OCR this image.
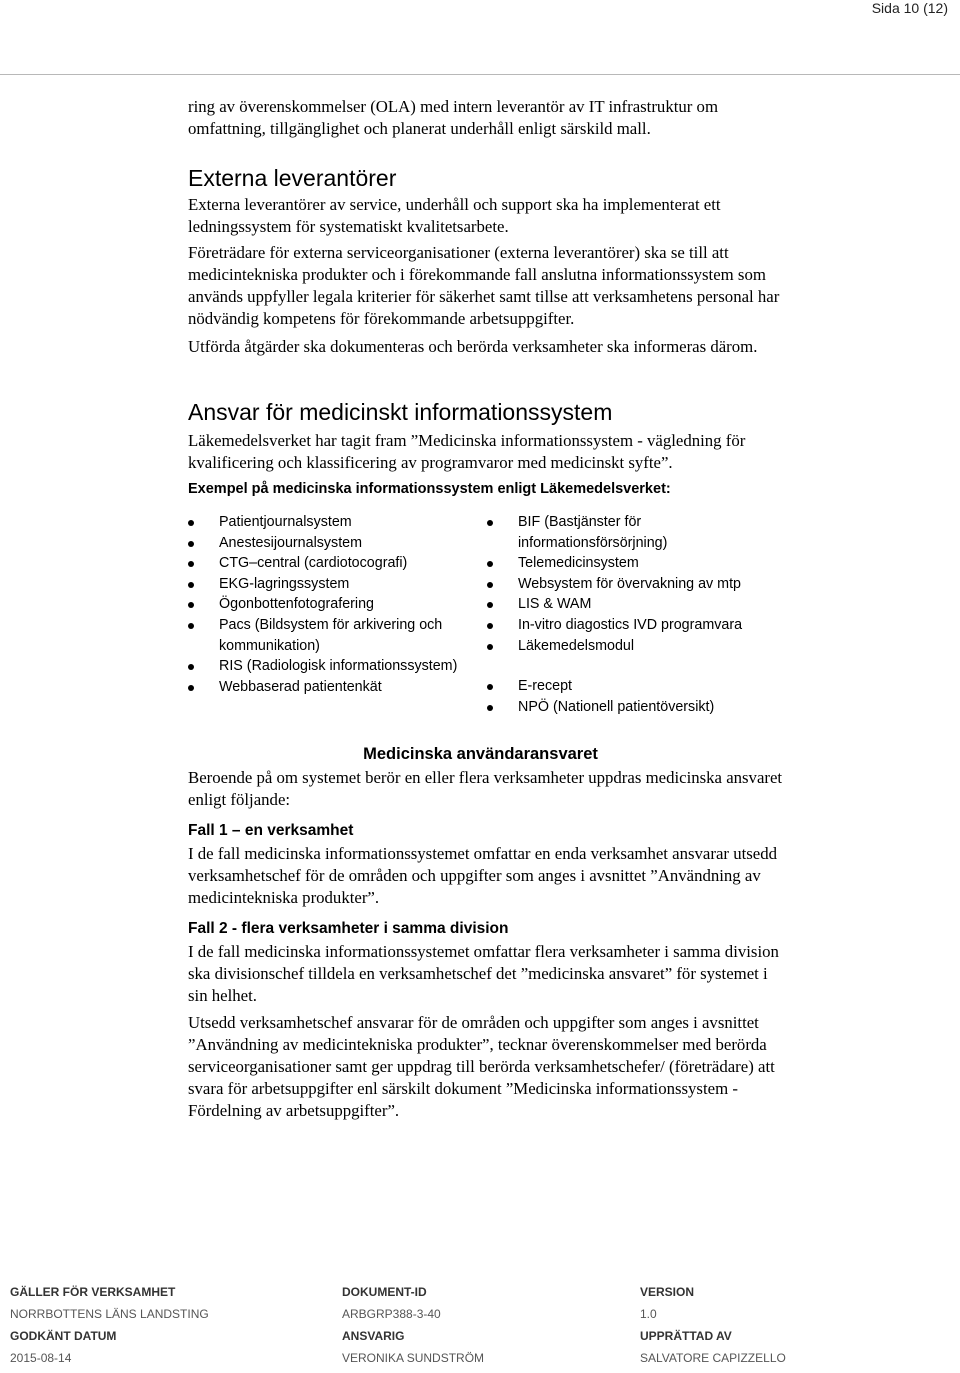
Sida 10 (12)

ring av överenskommelser (OLA) med intern leverantör av IT infrastruktur om omfattning, tillgänglighet och planerat underhåll enligt särskild mall.

Externa leverantörer

Externa leverantörer av service, underhåll och support ska ha implementerat ett ledningssystem för systematiskt kvalitetsarbete.

Företrädare för externa serviceorganisationer (externa leverantörer) ska se till att medicintekniska produkter och i förekommande fall anslutna informationssystem som används uppfyller legala kriterier för säkerhet samt tillse att verksamhetens personal har nödvändig kompetens för förekommande arbetsuppgifter.

Utförda åtgärder ska dokumenteras och berörda verksamheter ska informeras därom.

Ansvar för medicinskt informationssystem

Läkemedelsverket har tagit fram ”Medicinska informationssystem - vägledning för kvalificering och klassificering av programvaror med medicinskt syfte”.

Exempel på medicinska informationssystem enligt Läkemedelsverket:

Patientjournalsystem
Anestesijournalsystem
CTG–central (cardiotocografi)
EKG-lagringssystem
Ögonbottenfotografering
Pacs (Bildsystem för arkivering och kommunikation)
RIS (Radiologisk informationssystem)
Webbaserad patientenkät
BIF (Bastjänster för informationsförsörjning)
Telemedicinsystem
Websystem för övervakning av mtp
LIS & WAM
In-vitro diagostics IVD programvara
Läkemedelsmodul
E-recept
NPÖ (Nationell patientöversikt)

Medicinska användaransvaret

Beroende på om systemet berör en eller flera verksamheter uppdras medicinska ansvaret enligt följande:

Fall 1 – en verksamhet

I de fall medicinska informationssystemet omfattar en enda verksamhet ansvarar utsedd verksamhetschef för de områden och uppgifter som anges i avsnittet ”Användning av medicintekniska produkter”.

Fall 2 - flera verksamheter i samma division

I de fall medicinska informationssystemet omfattar flera verksamheter i samma division ska divisionschef tilldela en verksamhetschef det ”medicinska ansvaret” för systemet i sin helhet.

Utsedd verksamhetschef ansvarar för de områden och uppgifter som anges i avsnittet ”Användning av medicintekniska produkter”, tecknar överenskommelser med berörda serviceorganisationer samt ger uppdrag till berörda verksamhetschefer/ (företrädare) att svara för arbetsuppgifter enl särskilt dokument ”Medicinska informationssystem - Fördelning av arbetsuppgifter”.

GÄLLER FÖR VERKSAMHET	DOKUMENT-ID	VERSION
NORRBOTTENS LÄNS LANDSTING	ARBGRP388-3-40	1.0
GODKÄNT DATUM	ANSVARIG	UPPRÄTTAD AV
2015-08-14	VERONIKA SUNDSTRÖM	SALVATORE CAPIZZELLO
